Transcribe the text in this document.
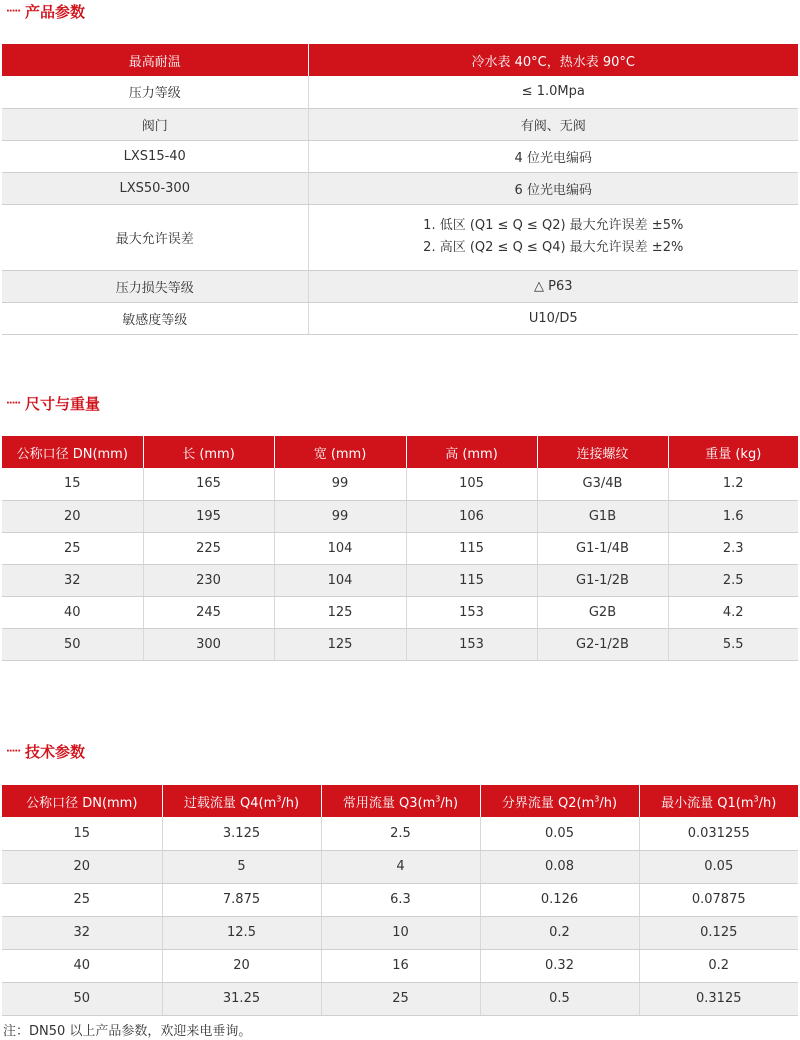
····· 产品参数
最高耐温	冷水表 40°C，热水表 90°C
压力等级	≤ 1.0Mpa
阀门	有阀、无阀
LXS15-40	4 位光电编码
LXS50-300	6 位光电编码
最大允许误差	1. 低区 (Q1 ≤ Q ≤ Q2) 最大允许误差 ±5%
2. 高区 (Q2 ≤ Q ≤ Q4) 最大允许误差 ±2%

压力损失等级	△ P63
敏感度等级	U10/D5
····· 尺寸与重量
公称口径 DN(mm)	长 (mm)	宽 (mm)	高 (mm)	连接螺纹	重量 (kg)
15	165	99	105	G3/4B	1.2
20	195	99	106	G1B	1.6
25	225	104	115	G1-1/4B	2.3
32	230	104	115	G1-1/2B	2.5
40	245	125	153	G2B	4.2
50	300	125	153	G2-1/2B	5.5
····· 技术参数
公称口径 DN(mm)	过载流量 $Q4(m^3/h)$	常用流量 $Q3(m^3/h)$	分界流量 $Q2(m^3/h)$	最小流量 $Q1(m^3/h)$
15	3.125	2.5	0.05	0.031255
20	5	4	0.08	0.05
25	7.875	6.3	0.126	0.07875
32	12.5	10	0.2	0.125
40	20	16	0.32	0.2
50	31.25	25	0.5	0.3125
注：DN50 以上产品参数，欢迎来电垂询。
